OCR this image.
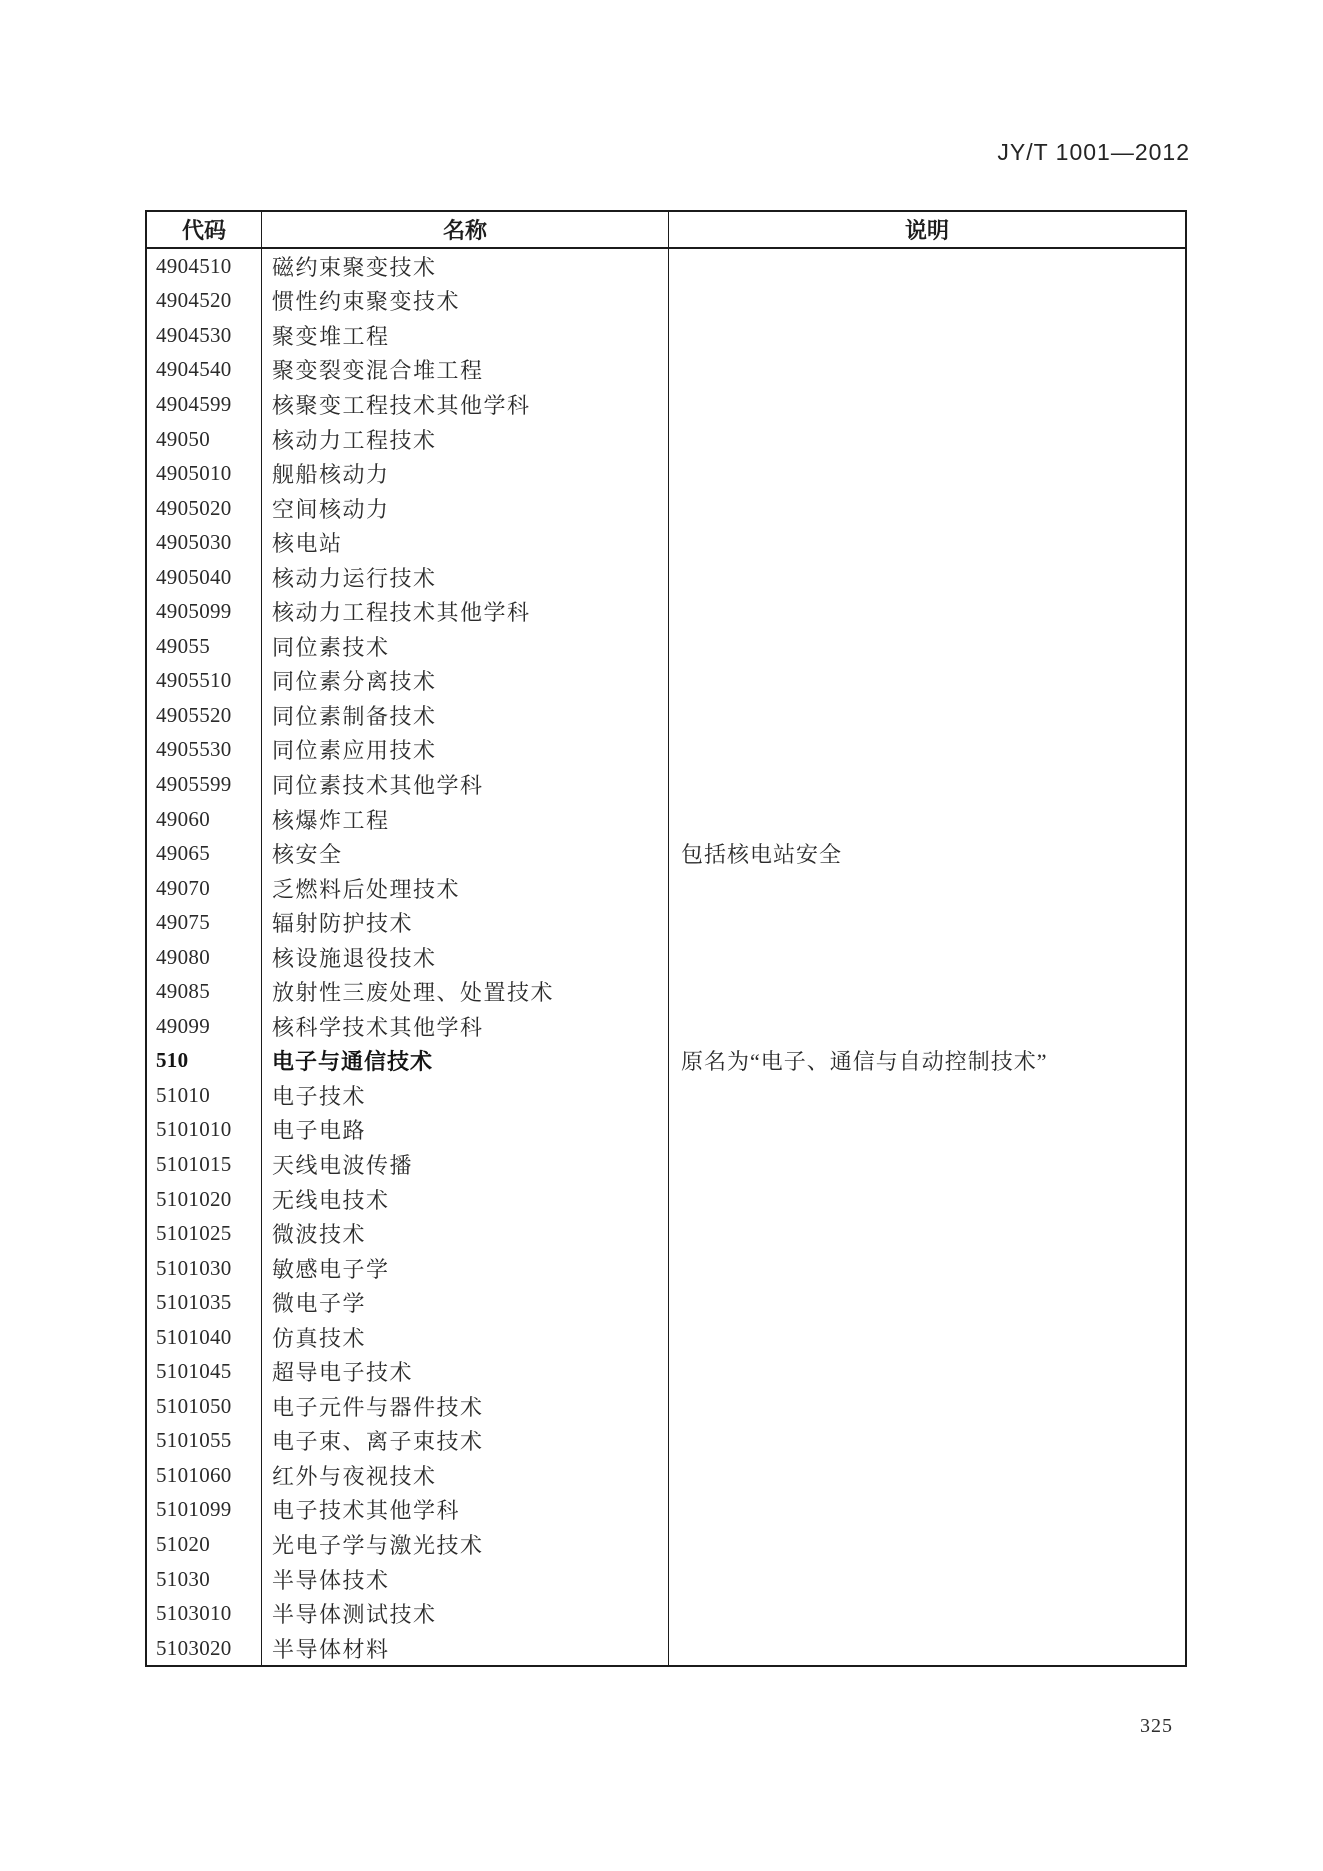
JY/T 1001—2012
代码	名称	说明
4904510	磁约束聚变技术
4904520	惯性约束聚变技术
4904530	聚变堆工程
4904540	聚变裂变混合堆工程
4904599	核聚变工程技术其他学科
49050	核动力工程技术
4905010	舰船核动力
4905020	空间核动力
4905030	核电站
4905040	核动力运行技术
4905099	核动力工程技术其他学科
49055	同位素技术
4905510	同位素分离技术
4905520	同位素制备技术
4905530	同位素应用技术
4905599	同位素技术其他学科
49060	核爆炸工程
49065	核安全	包括核电站安全
49070	乏燃料后处理技术
49075	辐射防护技术
49080	核设施退役技术
49085	放射性三废处理、处置技术
49099	核科学技术其他学科
510	电子与通信技术	原名为“电子、通信与自动控制技术”
51010	电子技术
5101010	电子电路
5101015	天线电波传播
5101020	无线电技术
5101025	微波技术
5101030	敏感电子学
5101035	微电子学
5101040	仿真技术
5101045	超导电子技术
5101050	电子元件与器件技术
5101055	电子束、离子束技术
5101060	红外与夜视技术
5101099	电子技术其他学科
51020	光电子学与激光技术
51030	半导体技术
5103010	半导体测试技术
5103020	半导体材料
325
